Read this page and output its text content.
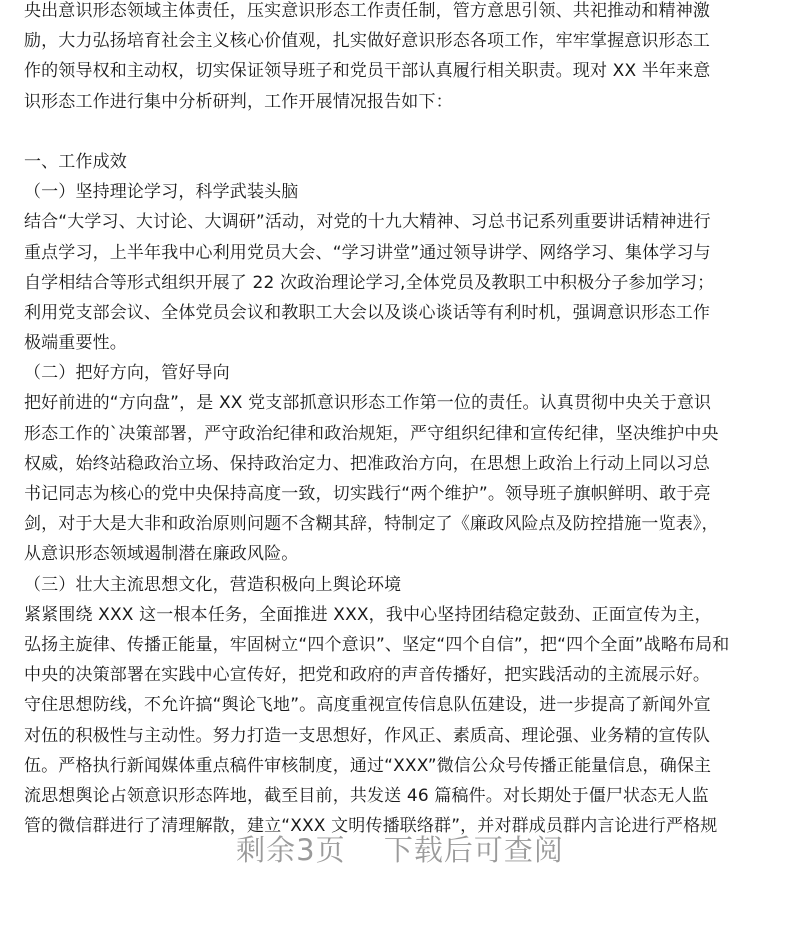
央出意识形态领域主体责任，压实意识形态工作责任制，管方意思引领、共祀推动和精神激
励，大力弘扬培育社会主义核心价值观，扎实做好意识形态各项工作，牢牢掌握意识形态工
作的领导权和主动权，切实保证领导班子和党员干部认真履行相关职责。现对 XX 半年来意
识形态工作进行集中分析研判，工作开展情况报告如下：
一、工作成效
（一）坚持理论学习，科学武装头脑
结合“大学习、大讨论、大调研”活动，对党的十九大精神、习总书记系列重要讲话精神进行
重点学习，上半年我中心利用党员大会、“学习讲堂”通过领导讲学、网络学习、集体学习与
自学相结合等形式组织开展了 22 次政治理论学习,全体党员及教职工中积极分子参加学习；
利用党支部会议、全体党员会议和教职工大会以及谈心谈话等有利时机，强调意识形态工作
极端重要性。
（二）把好方向，管好导向
把好前进的“方向盘”，是 XX 党支部抓意识形态工作第一位的责任。认真贯彻中央关于意识
形态工作的`决策部署，严守政治纪律和政治规矩，严守组织纪律和宣传纪律，坚决维护中央
权威，始终站稳政治立场、保持政治定力、把准政治方向，在思想上政治上行动上同以习总
书记同志为核心的党中央保持高度一致，切实践行“两个维护”。领导班子旗帜鲜明、敢于亮
剑，对于大是大非和政治原则问题不含糊其辞，特制定了《廉政风险点及防控措施一览表》，
从意识形态领域遏制潜在廉政风险。
（三）壮大主流思想文化，营造积极向上舆论环境
紧紧围绕 XXX 这一根本任务，全面推进 XXX，我中心坚持团结稳定鼓劲、正面宣传为主，
弘扬主旋律、传播正能量，牢固树立“四个意识”、坚定“四个自信”，把“四个全面”战略布局和
中央的决策部署在实践中心宣传好，把党和政府的声音传播好，把实践活动的主流展示好。
守住思想防线，不允许搞“舆论飞地”。高度重视宣传信息队伍建设，进一步提高了新闻外宣
对伍的积极性与主动性。努力打造一支思想好，作风正、素质高、理论强、业务精的宣传队
伍。严格执行新闻媒体重点稿件审核制度，通过“XXX”微信公众号传播正能量信息，确保主
流思想舆论占领意识形态阵地，截至目前，共发送 46 篇稿件。对长期处于僵尸状态无人监
管的微信群进行了清理解散，建立“XXX 文明传播联络群”，并对群成员群内言论进行严格规
剩余3页 下载后可查阅
